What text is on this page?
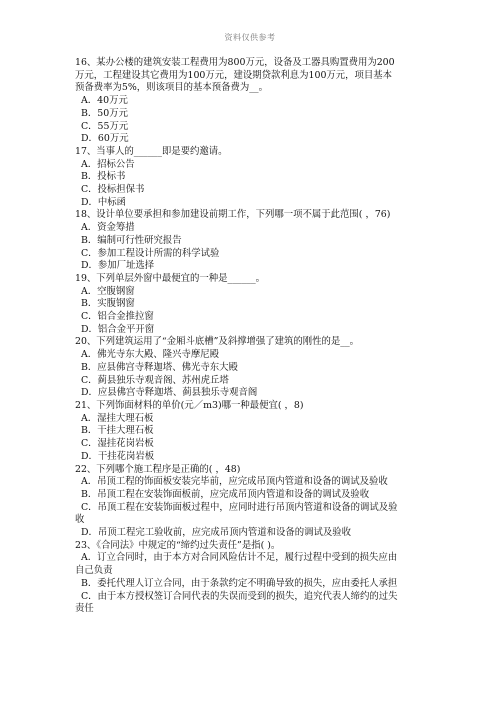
资料仅供参考
16、某办公楼的建筑安装工程费用为800万元，设备及工器具购置费用为200
万元，工程建设其它费用为100万元，建设期贷款利息为100万元，项目基本
预备费率为5%，则该项目的基本预备费为__。
A．40万元
B．50万元
C．55万元
D．60万元
17、当事人的______即是要约邀请。
A．招标公告
B．投标书
C．投标担保书
D．中标函
18、设计单位要承担和参加建设前期工作，下列哪一项不属于此范围( ，76)
A．资金筹措
B．编制可行性研究报告
C．参加工程设计所需的科学试验
D．参加厂址选择
19、下列单层外窗中最便宜的一种是______。
A．空腹钢窗
B．实腹钢窗
C．铝合金推拉窗
D．铝合金平开窗
20、下列建筑运用了“金厢斗底槽”及斜撑增强了建筑的刚性的是__。
A．佛光寺东大殿、隆兴寺摩尼殿
B．应县佛宫寺释迦塔、佛光寺东大殿
C．蓟县独乐寺观音阁、苏州虎丘塔
D．应县佛宫寺释迦塔、蓟县独乐寺观音阁
21、下列饰面材料的单价(元／m3)哪一种最便宜( ，8)
A．湿挂大理石板
B．干挂大理石板
C．湿挂花岗岩板
D．干挂花岗岩板
22、下列哪个施工程序是正确的( ，48)
A．吊顶工程的饰面板安装完毕前，应完成吊顶内管道和设备的调试及验收
B．吊顶工程在安装饰面板前，应完成吊顶内管道和设备的调试及验收
C．吊顶工程在安装饰面板过程中，应同时进行吊顶内管道和设备的调试及验
收
D．吊顶工程完工验收前，应完成吊顶内管道和设备的调试及验收
23、《合同法》中规定的“缔约过失责任”是指( )。
A．订立合同时，由于本方对合同风险估计不足，履行过程中受到的损失应由
自己负责
B．委托代理人订立合同，由于条款约定不明确导致的损失，应由委托人承担
C．由于本方授权签订合同代表的失误而受到的损失，追究代表人缔约的过失
责任
